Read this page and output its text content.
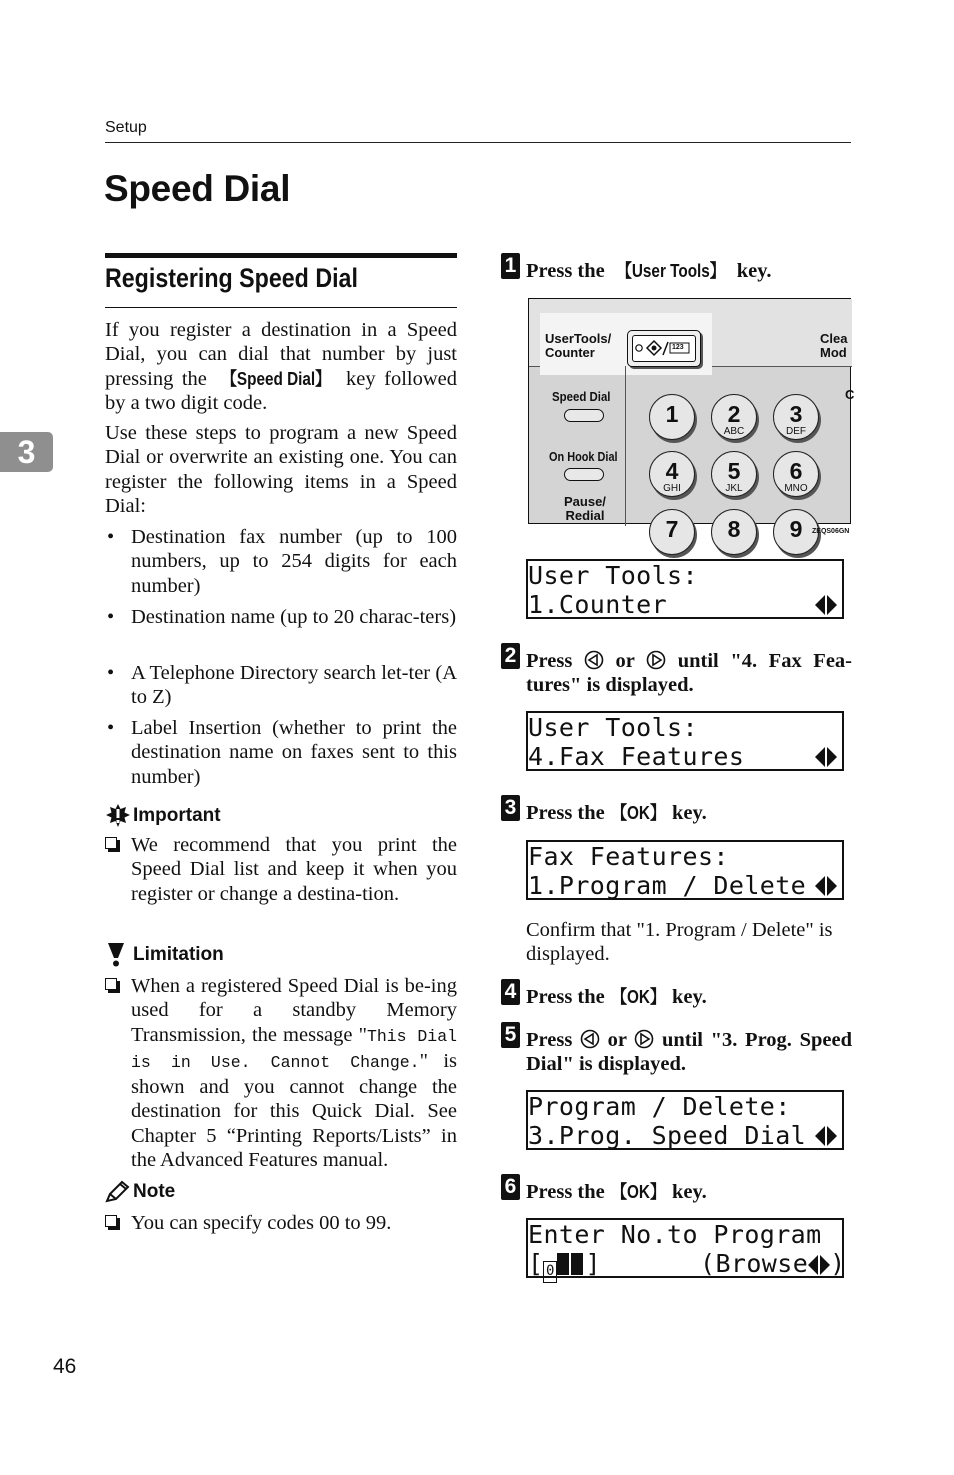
Setup
Speed Dial
3
Registering Speed Dial
If you register a destination in a Speed Dial, you can dial that number by just pressing the 【Speed Dial】 key followed by a two digit code.
Use these steps to program a new Speed Dial or overwrite an existing one. You can register the following items in a Speed Dial:
• Destination fax number (up to 100 numbers, up to 254 digits for each number)
• Destination name (up to 20 charac-ters)
• A Telephone Directory search let-ter (A to Z)
• Label Insertion (whether to print the destination name on faxes sent to this number)
Important
We recommend that you print the Speed Dial list and keep it when you register or change a destina-tion.
Limitation
When a registered Speed Dial is be-ing used for a standby Memory Transmission, the message "This Dial is in Use. Cannot Change." is shown and you cannot change the destination for this Quick Dial. See Chapter 5 “Printing Reports/Lists” in the Advanced Features manual.
Note
You can specify codes 00 to 99.
46
1 Press the 【User Tools】 key.
UserTools/
Counter	123
Clea
Mod
C
Speed Dial
On Hook Dial
Pause/
Redial
1	2
ABC
3
DEF
4
GHI
5
JKL
6
MNO
7	8	9	ZEQS06GN
User Tools:
1.Counter
2 Press  or  until "4. Fax Fea-tures" is displayed.
User Tools:
4.Fax Features
3 Press the 【OK】 key.
Fax Features:
1.Program / Delete
Confirm that "1. Program / Delete" is displayed.
4 Press the 【OK】 key.
5 Press  or  until "3. Prog. Speed Dial" is displayed.
Program / Delete:
3.Prog. Speed Dial
6 Press the 【OK】 key.
Enter No.to Program
[ 0 ]	(Browse )
